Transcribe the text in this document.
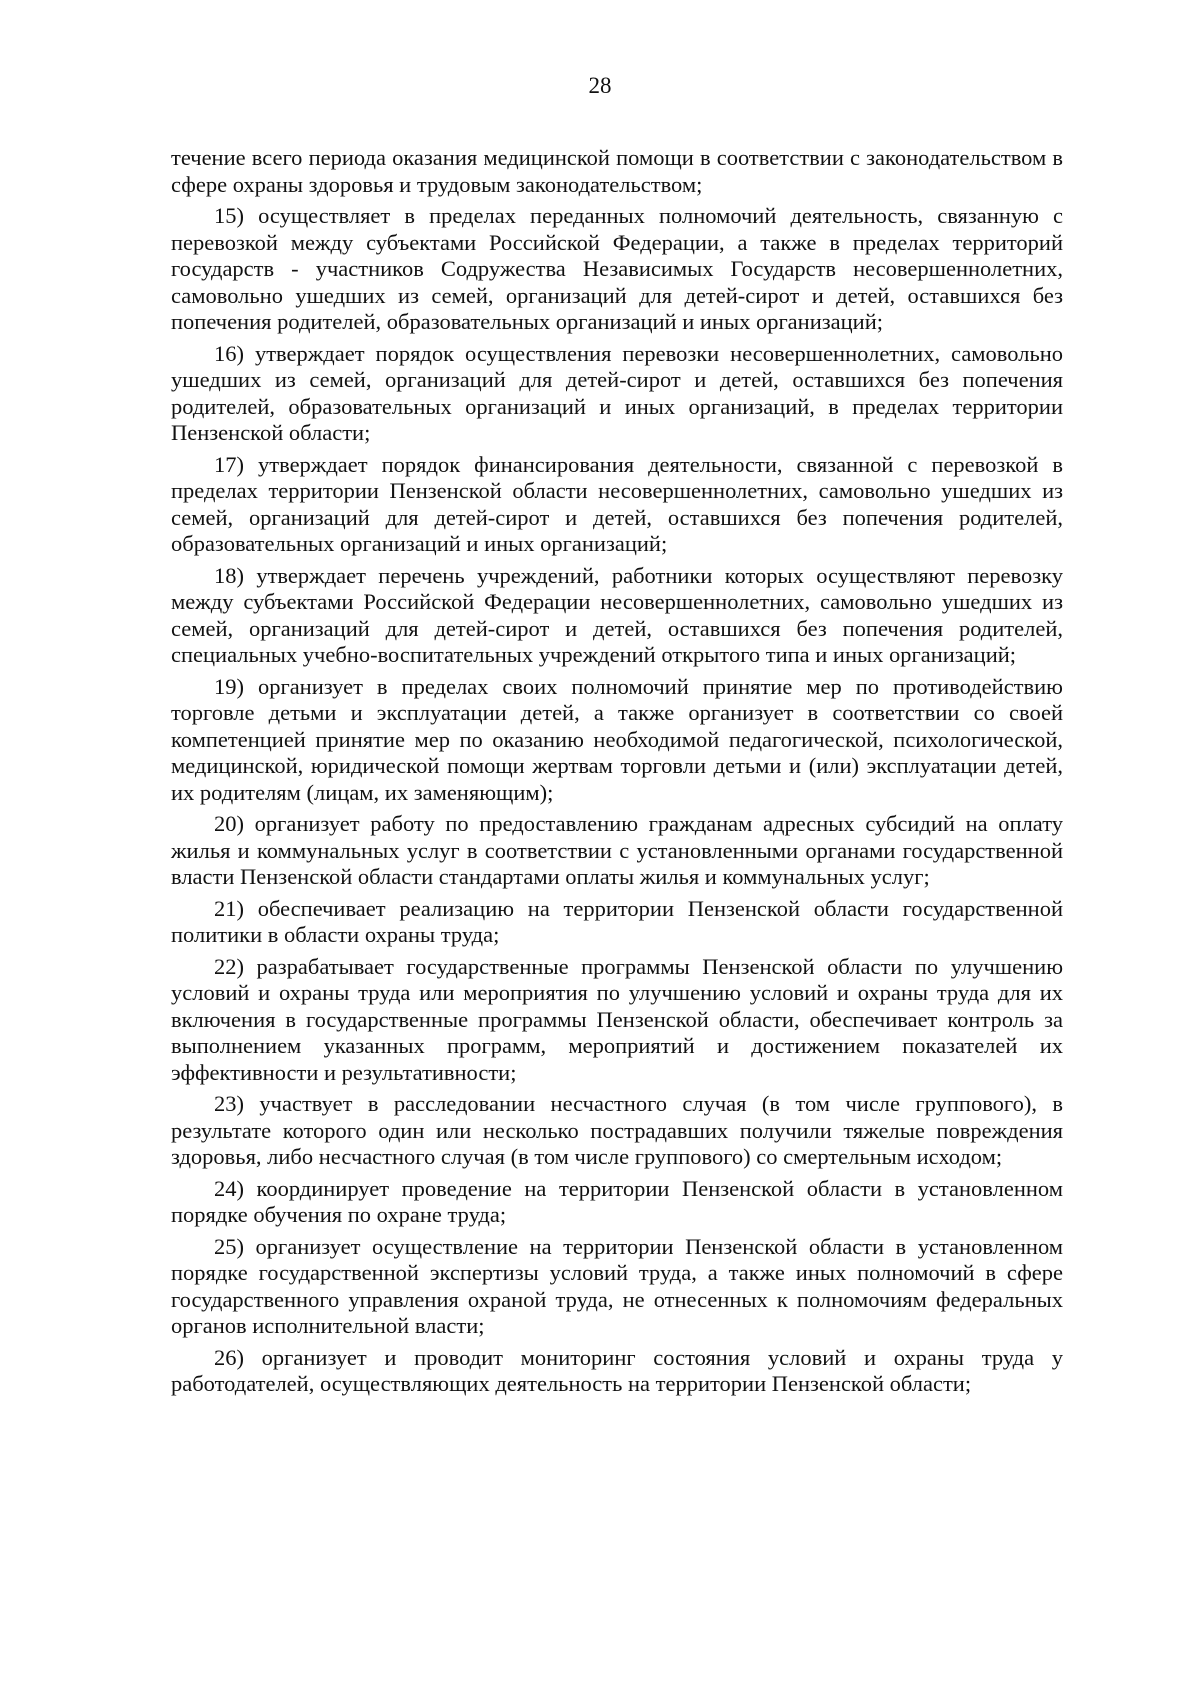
28

течение всего периода оказания медицинской помощи в соответствии с законодательством в сфере охраны здоровья и трудовым законодательством;

15) осуществляет в пределах переданных полномочий деятельность, связанную с перевозкой между субъектами Российской Федерации, а также в пределах территорий государств - участников Содружества Независимых Государств несовершеннолетних, самовольно ушедших из семей, организаций для детей-сирот и детей, оставшихся без попечения родителей, образовательных организаций и иных организаций;

16) утверждает порядок осуществления перевозки несовершеннолетних, самовольно ушедших из семей, организаций для детей-сирот и детей, оставшихся без попечения родителей, образовательных организаций и иных организаций, в пределах территории Пензенской области;

17) утверждает порядок финансирования деятельности, связанной с перевозкой в пределах территории Пензенской области несовершеннолетних, самовольно ушедших из семей, организаций для детей-сирот и детей, оставшихся без попечения родителей, образовательных организаций и иных организаций;

18) утверждает перечень учреждений, работники которых осуществляют перевозку между субъектами Российской Федерации несовершеннолетних, самовольно ушедших из семей, организаций для детей-сирот и детей, оставшихся без попечения родителей, специальных учебно-воспитательных учреждений открытого типа и иных организаций;

19) организует в пределах своих полномочий принятие мер по противодействию торговле детьми и эксплуатации детей, а также организует в соответствии со своей компетенцией принятие мер по оказанию необходимой педагогической, психологической, медицинской, юридической помощи жертвам торговли детьми и (или) эксплуатации детей, их родителям (лицам, их заменяющим);

20) организует работу по предоставлению гражданам адресных субсидий на оплату жилья и коммунальных услуг в соответствии с установленными органами государственной власти Пензенской области стандартами оплаты жилья и коммунальных услуг;

21) обеспечивает реализацию на территории Пензенской области государственной политики в области охраны труда;

22) разрабатывает государственные программы Пензенской области по улучшению условий и охраны труда или мероприятия по улучшению условий и охраны труда для их включения в государственные программы Пензенской области, обеспечивает контроль за выполнением указанных программ, мероприятий и достижением показателей их эффективности и результативности;

23) участвует в расследовании несчастного случая (в том числе группового), в результате которого один или несколько пострадавших получили тяжелые повреждения здоровья, либо несчастного случая (в том числе группового) со смертельным исходом;

24) координирует проведение на территории Пензенской области в установленном порядке обучения по охране труда;

25) организует осуществление на территории Пензенской области в установленном порядке государственной экспертизы условий труда, а также иных полномочий в сфере государственного управления охраной труда, не отнесенных к полномочиям федеральных органов исполнительной власти;

26) организует и проводит мониторинг состояния условий и охраны труда у работодателей, осуществляющих деятельность на территории Пензенской области;
